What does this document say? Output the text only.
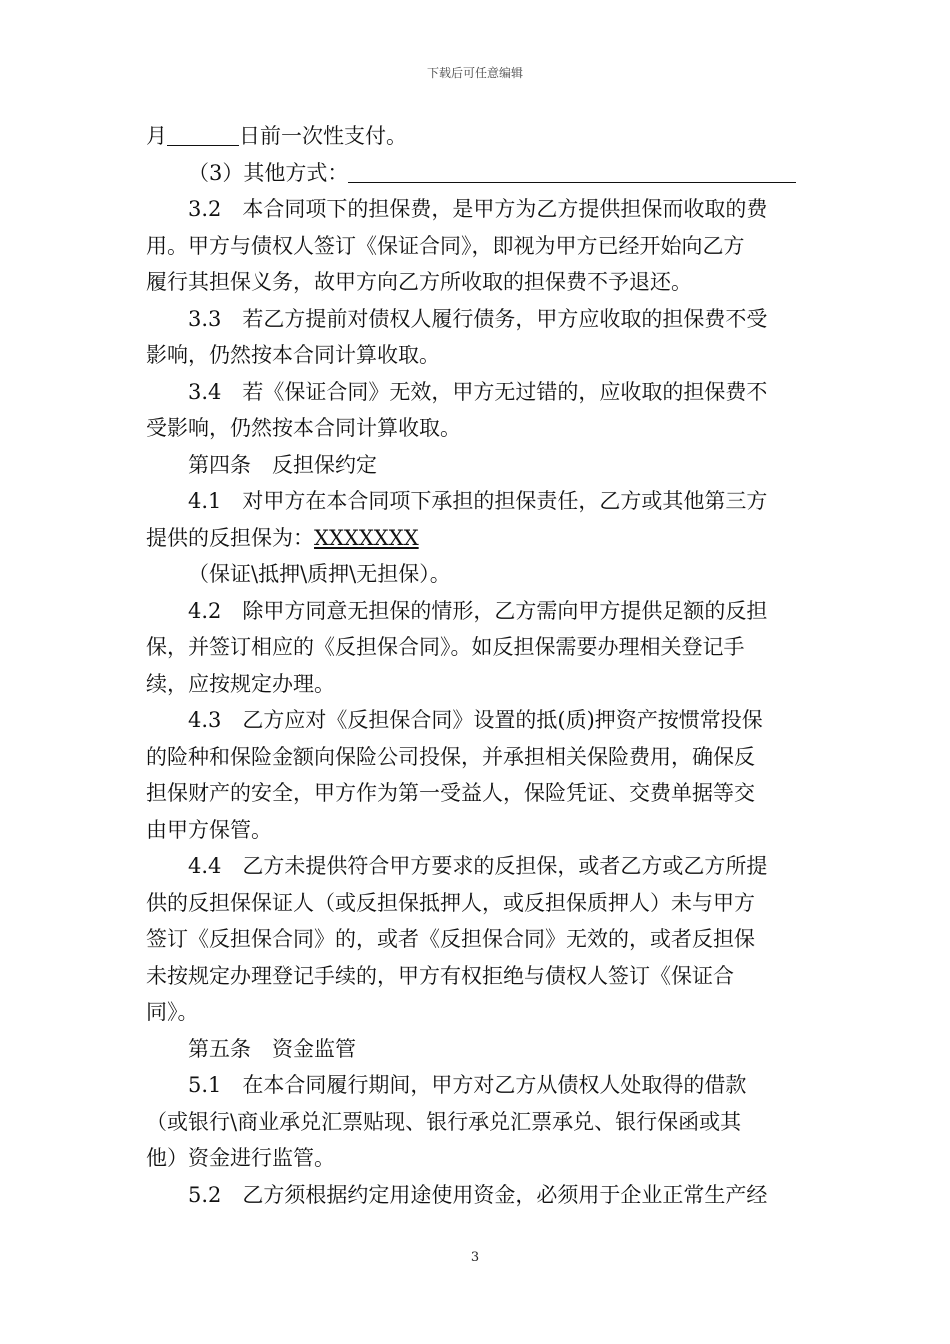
下载后可任意编辑
月	日前一次性支付。
（3）其他方式：
3.2　本合同项下的担保费，是甲方为乙方提供担保而收取的费
用。甲方与债权人签订《保证合同》，即视为甲方已经开始向乙方
履行其担保义务，故甲方向乙方所收取的担保费不予退还。
3.3　若乙方提前对债权人履行债务，甲方应收取的担保费不受
影响，仍然按本合同计算收取。
3.4　若《保证合同》无效，甲方无过错的，应收取的担保费不
受影响，仍然按本合同计算收取。
第四条　反担保约定
4.1　对甲方在本合同项下承担的担保责任，乙方或其他第三方
提供的反担保为：XXXXXXX
（保证\抵押\质押\无担保）。
4.2　除甲方同意无担保的情形，乙方需向甲方提供足额的反担
保，并签订相应的《反担保合同》。如反担保需要办理相关登记手
续，应按规定办理。
4.3　乙方应对《反担保合同》设置的抵(质)押资产按惯常投保
的险种和保险金额向保险公司投保，并承担相关保险费用，确保反
担保财产的安全，甲方作为第一受益人，保险凭证、交费单据等交
由甲方保管。
4.4　乙方未提供符合甲方要求的反担保，或者乙方或乙方所提
供的反担保保证人（或反担保抵押人，或反担保质押人）未与甲方
签订《反担保合同》的，或者《反担保合同》无效的，或者反担保
未按规定办理登记手续的，甲方有权拒绝与债权人签订《保证合
同》。
第五条　资金监管
5.1　在本合同履行期间，甲方对乙方从债权人处取得的借款
（或银行\商业承兑汇票贴现、银行承兑汇票承兑、银行保函或其
他）资金进行监管。
5.2　乙方须根据约定用途使用资金，必须用于企业正常生产经
3
